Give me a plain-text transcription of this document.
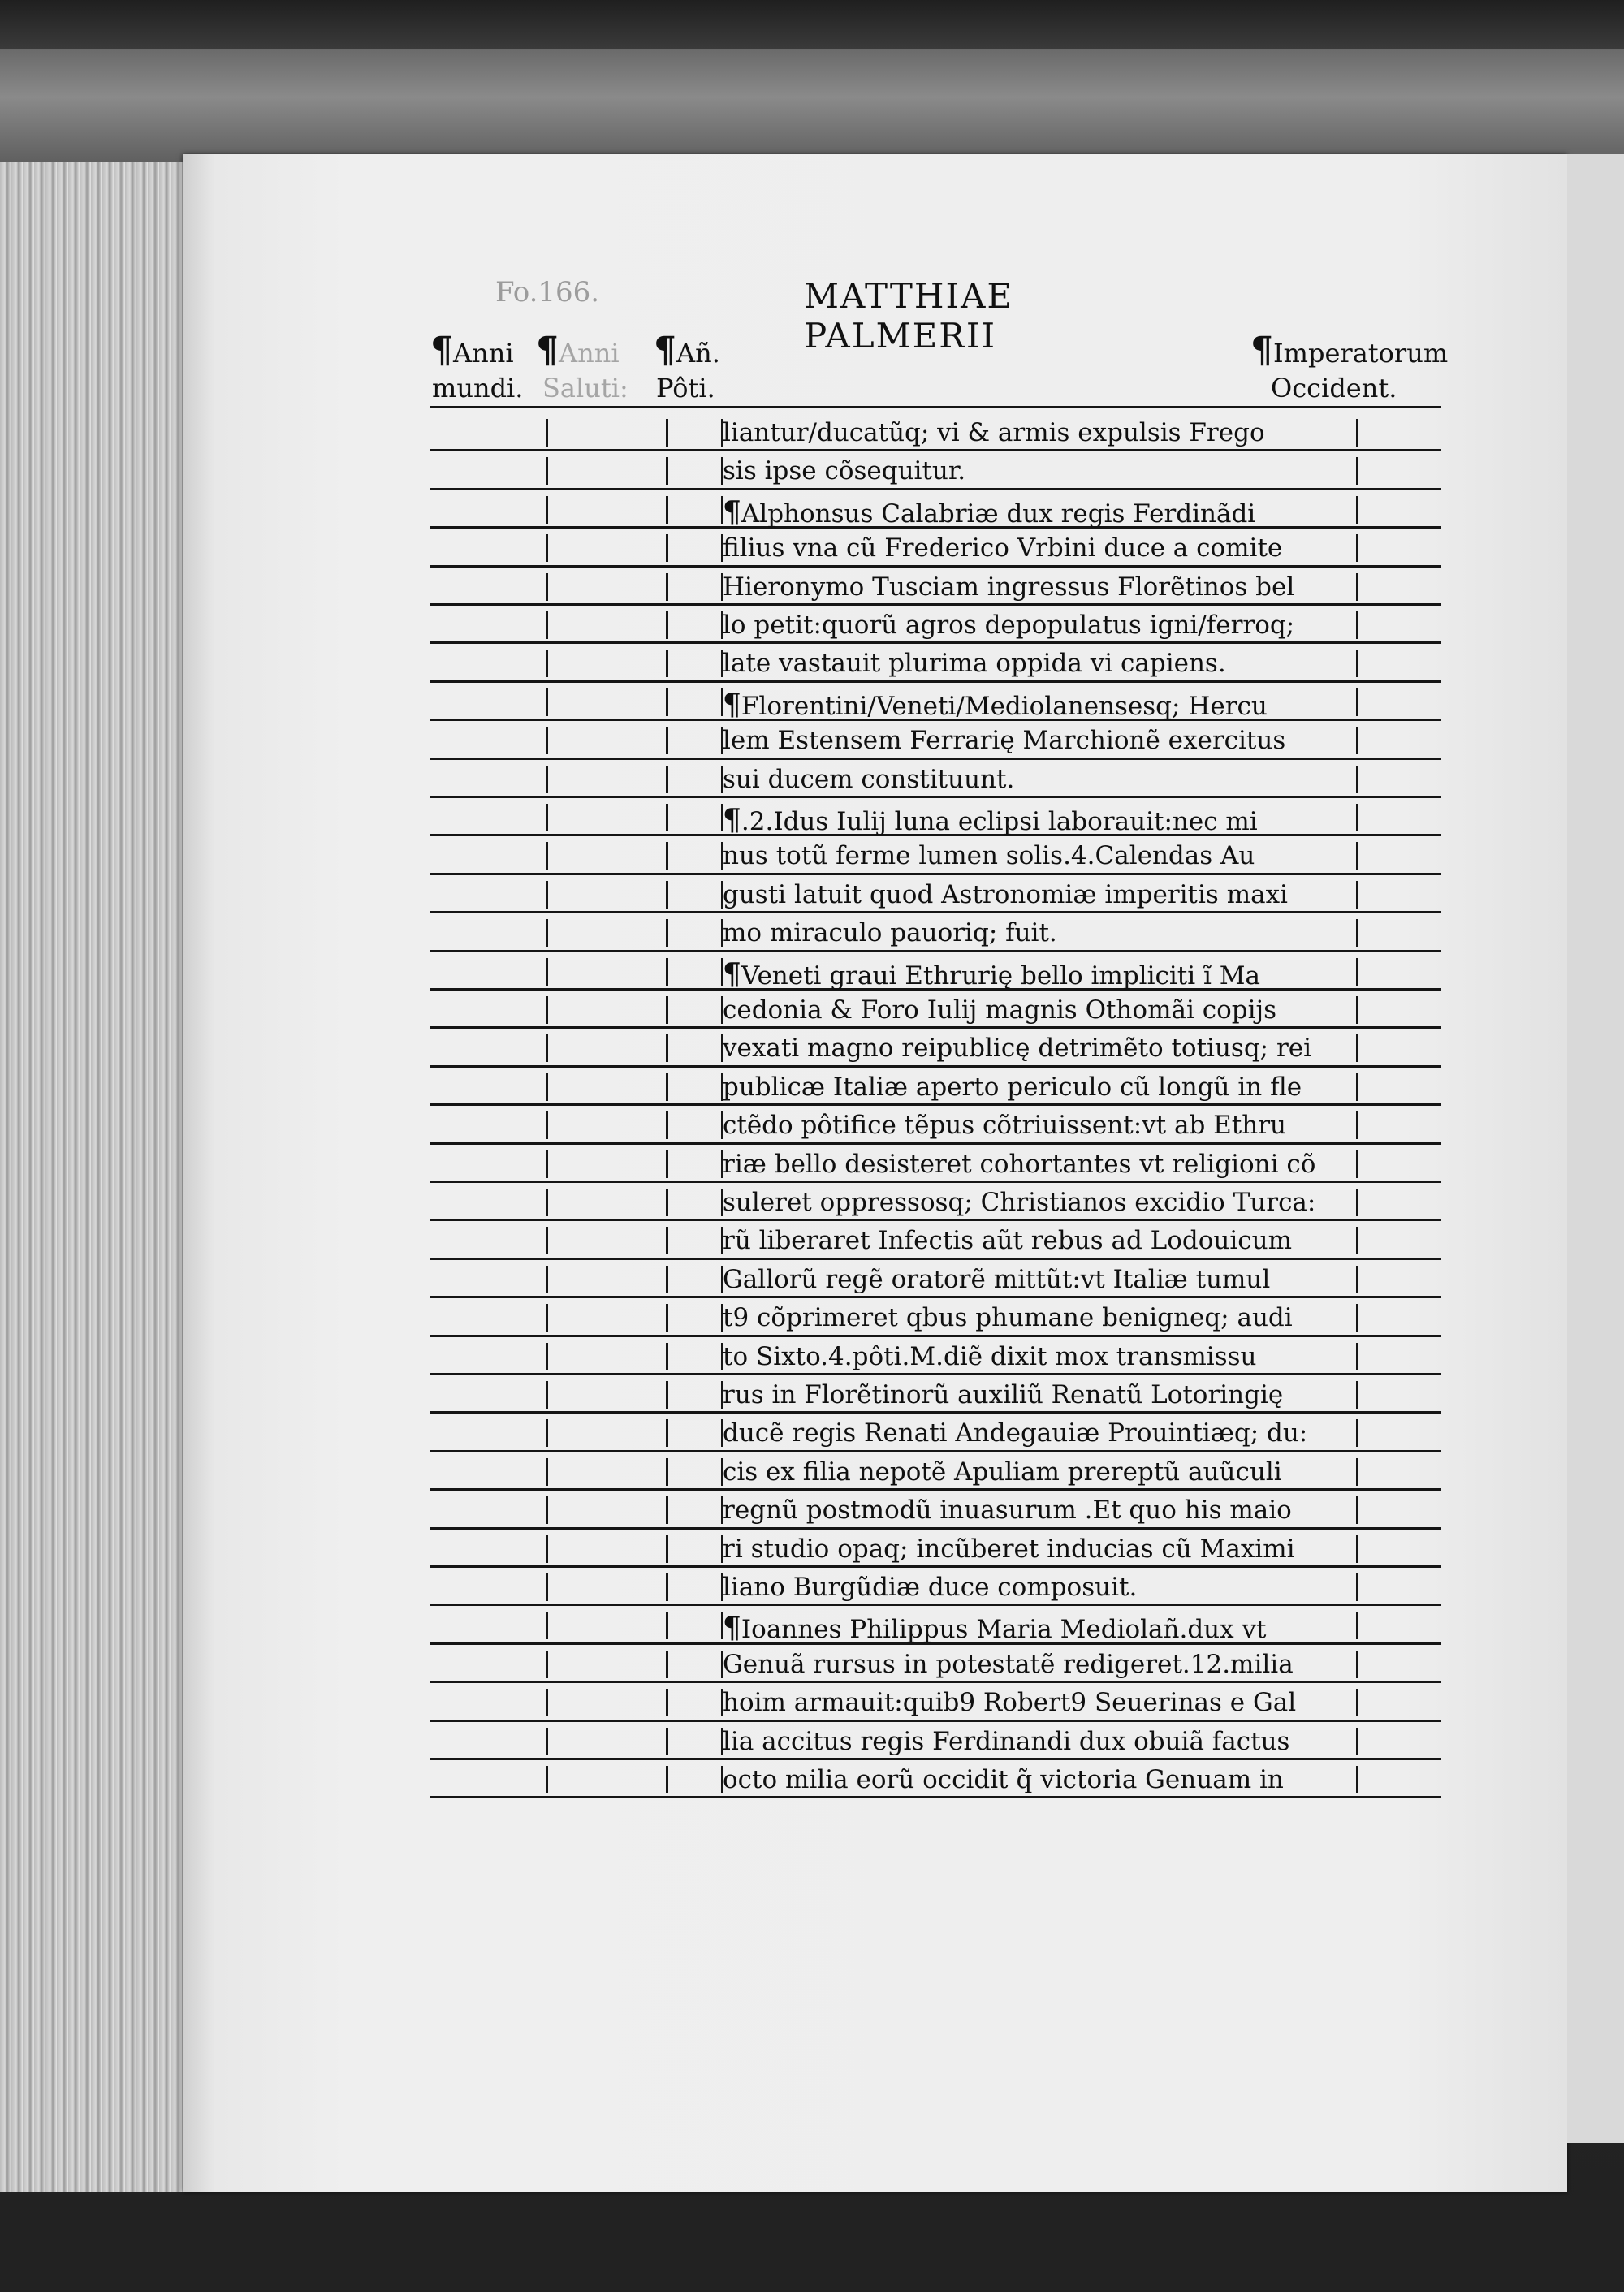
Fo.166.	MATTHIAE PALMERII
¶Anni ¶Anni ¶Añ.	¶Imperatorum
mundi. Saluti: Pôti.	Occident.
liantur/ducatũq; vi & armis expulsis Frego
sis ipse cõsequitur.
¶Alphonsus Calabriæ dux regis Ferdinãdi
filius vna cũ Frederico Vrbini duce a comite
Hieronymo Tusciam ingressus Florẽtinos bel
lo petit:quorũ agros depopulatus igni/ferroq;
late vastauit plurima oppida vi capiens.
¶Florentini/Veneti/Mediolanensesq; Hercu
lem Estensem Ferrarię Marchionẽ exercitus
sui ducem constituunt.
¶.2.Idus Iulij luna eclipsi laborauit:nec mi
nus totũ ferme lumen solis.4.Calendas Au
gusti latuit quod Astronomiæ imperitis maxi
mo miraculo pauoriq; fuit.
¶Veneti graui Ethrurię bello impliciti ĩ Ma
cedonia & Foro Iulij magnis Othomãi copijs
vexati magno reipublicę detrimẽto totiusq; rei
publicæ Italiæ aperto periculo cũ longũ in fle
ctẽdo pôtifice tẽpus cõtriuissent:vt ab Ethru
riæ bello desisteret cohortantes vt religioni cõ
suleret oppressosq; Christianos excidio Turca:
rũ liberaret Infectis aũt rebus ad Lodouicum
Gallorũ regẽ oratorẽ mittũt:vt Italiæ tumul
t9 cõprimeret qbus phumane benigneq; audi
to Sixto.4.pôti.M.diẽ dixit mox transmissu
rus in Florẽtinorũ auxiliũ Renatũ Lotoringię
ducẽ regis Renati Andegauiæ Prouintiæq; du:
cis ex filia nepotẽ Apuliam prereptũ auũculi
regnũ postmodũ inuasurum .Et quo his maio
ri studio opaq; incũberet inducias cũ Maximi
liano Burgũdiæ duce composuit.
¶Ioannes Philippus Maria Mediolañ.dux vt
Genuã rursus in potestatẽ redigeret.12.milia
hoim armauit:quib9 Robert9 Seuerinas e Gal
lia accitus regis Ferdinandi dux obuiã factus
octo milia eorũ occidit q̃ victoria Genuam in
